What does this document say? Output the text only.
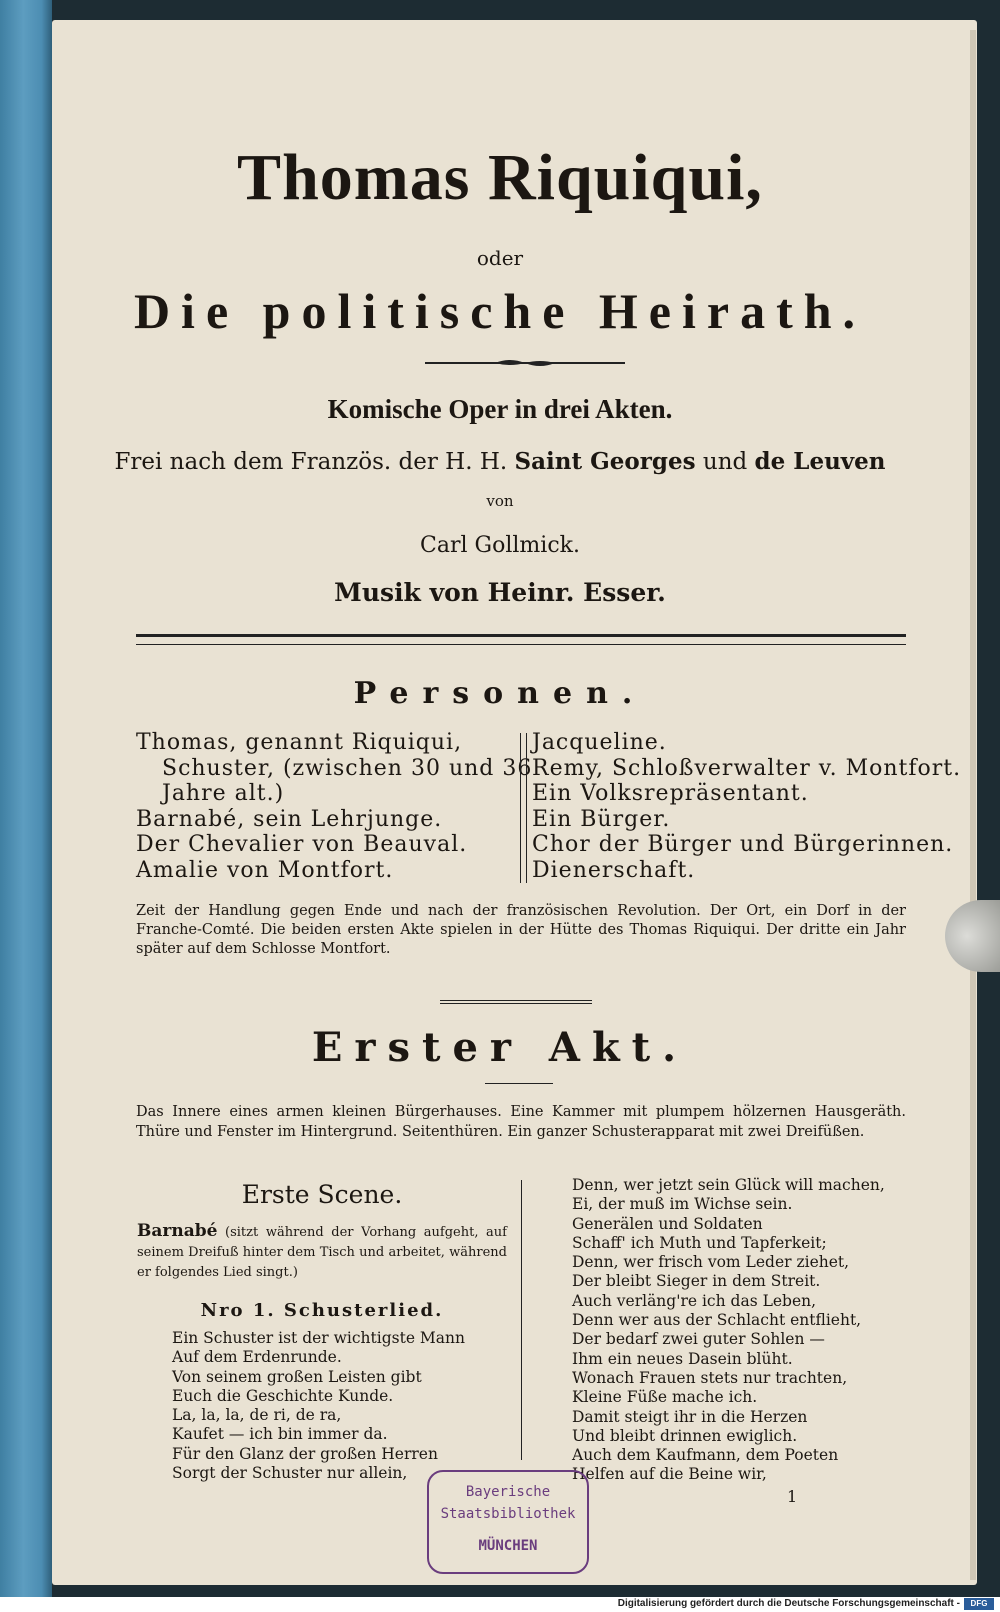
Thomas Riquiqui,
oder
Die politische Heirath.
Komische Oper in drei Akten.
Frei nach dem Französ. der H. H. Saint Georges und de Leuven
von
Carl Gollmick.
Musik von Heinr. Esser.
Personen.
Thomas, genannt Riquiqui,
Schuster, (zwischen 30 und 36
Jahre alt.)
Barnabé, sein Lehrjunge.
Der Chevalier von Beauval.
Amalie von Montfort.
Jacqueline.
Remy, Schloßverwalter v. Montfort.
Ein Volksrepräsentant.
Ein Bürger.
Chor der Bürger und Bürgerinnen.
Dienerschaft.
Zeit der Handlung gegen Ende und nach der französischen Revolution. Der Ort, ein Dorf in der Franche-Comté. Die beiden ersten Akte spielen in der Hütte des Thomas Riquiqui. Der dritte ein Jahr später auf dem Schlosse Montfort.
Erster Akt.
Das Innere eines armen kleinen Bürgerhauses. Eine Kammer mit plumpem hölzernen Hausgeräth. Thüre und Fenster im Hintergrund. Seitenthüren. Ein ganzer Schusterapparat mit zwei Dreifüßen.
Erste Scene.
Barnabé (sitzt während der Vorhang aufgeht, auf seinem Dreifuß hinter dem Tisch und arbeitet, während er folgendes Lied singt.)
Nro 1. Schusterlied.
Ein Schuster ist der wichtigste Mann
Auf dem Erdenrunde.
Von seinem großen Leisten gibt
Euch die Geschichte Kunde.
La, la, la, de ri, de ra,
Kaufet — ich bin immer da.
Für den Glanz der großen Herren
Sorgt der Schuster nur allein,
Denn, wer jetzt sein Glück will machen,
Ei, der muß im Wichse sein.
Generälen und Soldaten
Schaff' ich Muth und Tapferkeit;
Denn, wer frisch vom Leder ziehet,
Der bleibt Sieger in dem Streit.
Auch verläng're ich das Leben,
Denn wer aus der Schlacht entflieht,
Der bedarf zwei guter Sohlen —
Ihm ein neues Dasein blüht.
Wonach Frauen stets nur trachten,
Kleine Füße mache ich.
Damit steigt ihr in die Herzen
Und bleibt drinnen ewiglich.
Auch dem Kaufmann, dem Poeten
Helfen auf die Beine wir,
1
Bayerische
Staatsbibliothek
MÜNCHEN
Digitalisierung gefördert durch die Deutsche Forschungsgemeinschaft -	DFG
